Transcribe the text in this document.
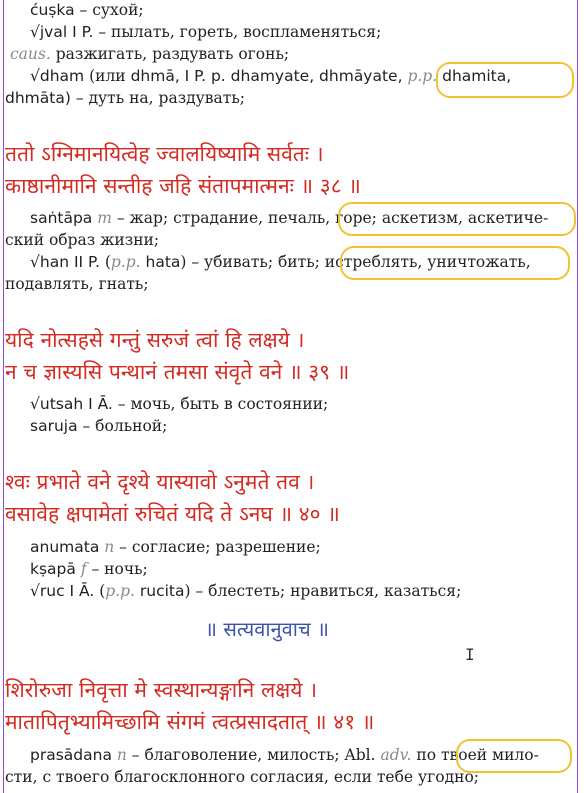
ćuṣka – сухой;
√jval I P. – пылать, гореть, воспламеняться;
caus. разжигать, раздувать огонь;
√dham (или dhmā, I P. p. dhamyate, dhmāyate, p.p. dhamita,
dhmāta) – дуть на, раздувать;
ततो ऽग्निमानयित्वेह ज्वालयिष्यामि सर्वतः ।
काष्ठानीमानि सन्तीह जहि संतापमात्मनः ॥ ३८ ॥
saṅtāpa m – жар; страдание, печаль, горе; аскетизм, аскетиче-
ский образ жизни;
√han II P. (p.p. hata) – убивать; бить; истреблять, уничтожать,
подавлять, гнать;
यदि नोत्सहसे गन्तुं सरुजं त्वां हि लक्षये ।
न च ज्ञास्यसि पन्थानं तमसा संवृते वने ॥ ३९ ॥
√utsah I Ā. – мочь, быть в состоянии;
saruja – больной;
श्वः प्रभाते वने दृश्ये यास्यावो ऽनुमते तव ।
वसावेह क्षपामेतां रुचितं यदि ते ऽनघ ॥ ४० ॥
anumata n – согласие; разрешение;
kṣapā f – ночь;
√ruc I Ā. (p.p. rucita) – блестеть; нравиться, казаться;
॥ सत्यवानुवाच ॥
I
शिरोरुजा निवृत्ता मे स्वस्थान्यङ्गानि लक्षये ।
मातापितृभ्यामिच्छामि संगमं त्वत्प्रसादतात् ॥ ४१ ॥
prasādana n – благоволение, милость; Abl. adv. по твоей мило-
сти, с твоего благосклонного согласия, если тебе угодно;
